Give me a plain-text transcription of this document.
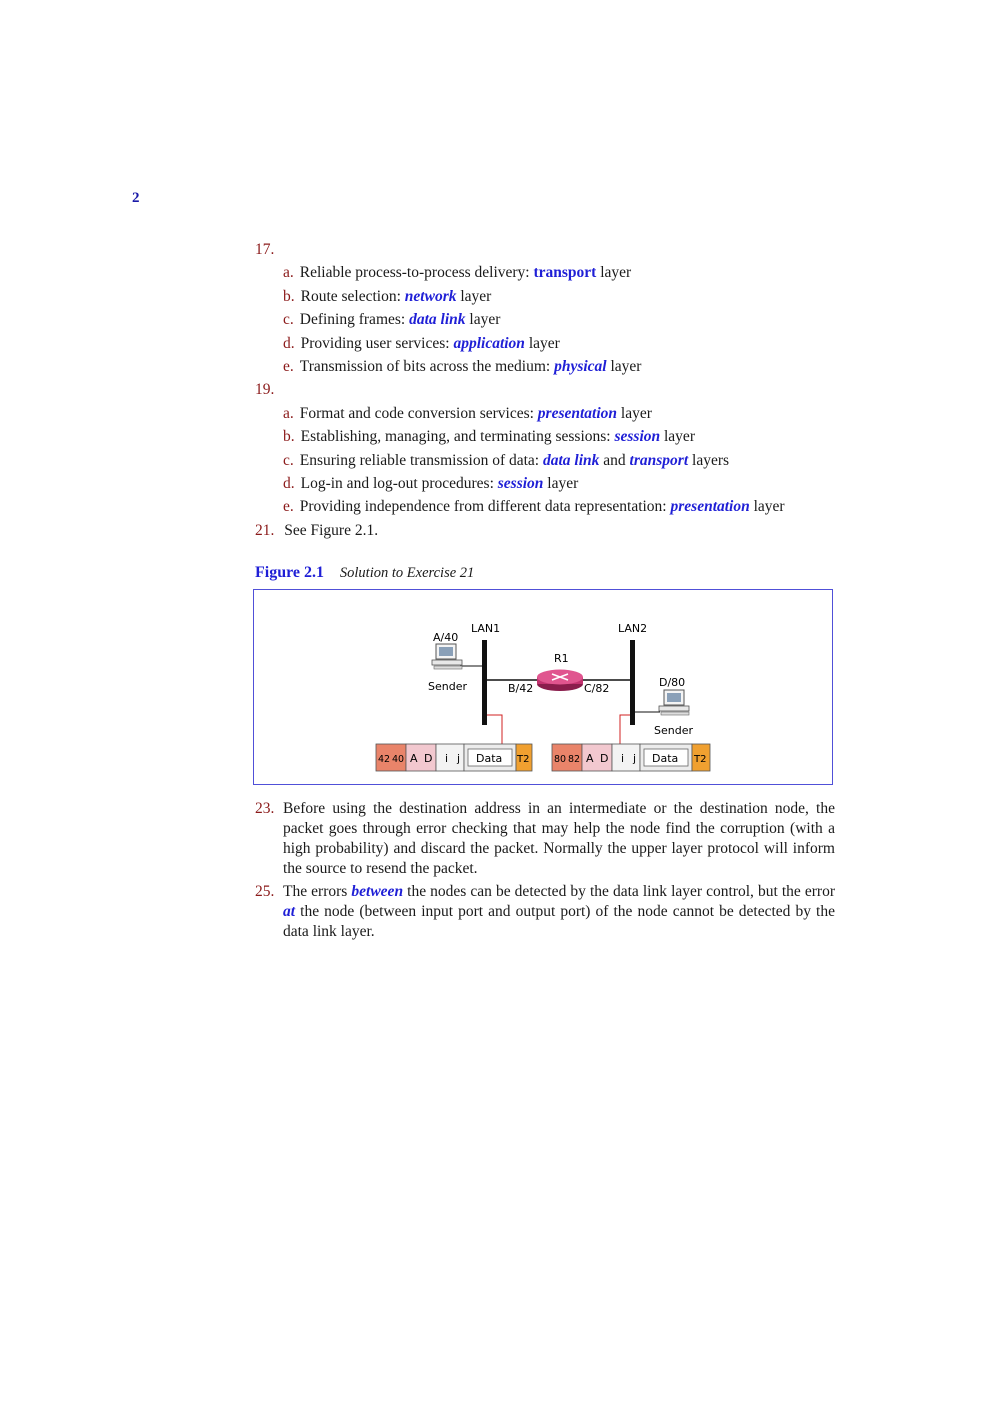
2
17.
a. Reliable process-to-process delivery: transport layer
b. Route selection: network layer
c. Defining frames: data link layer
d. Providing user services: application layer
e. Transmission of bits across the medium: physical layer
19.
a. Format and code conversion services: presentation layer
b. Establishing, managing, and terminating sessions: session layer
c. Ensuring reliable transmission of data: data link and transport layers
d. Log-in and log-out procedures: session layer
e. Providing independence from different data representation: presentation layer
21. See Figure 2.1.
Figure 2.1 Solution to Exercise 21
LAN1	LAN2
R1
B/42	C/82
A/40
Sender	D/80
Sender
42 40 A D i j Data T2	80 82 A D i j Data T2
23. Before using the destination address in an intermediate or the destination node, the packet goes through error checking that may help the node find the corruption (with a high probability) and discard the packet. Normally the upper layer protocol will inform the source to resend the packet.
25. The errors between the nodes can be detected by the data link layer control, but the error at the node (between input port and output port) of the node cannot be detected by the data link layer.
